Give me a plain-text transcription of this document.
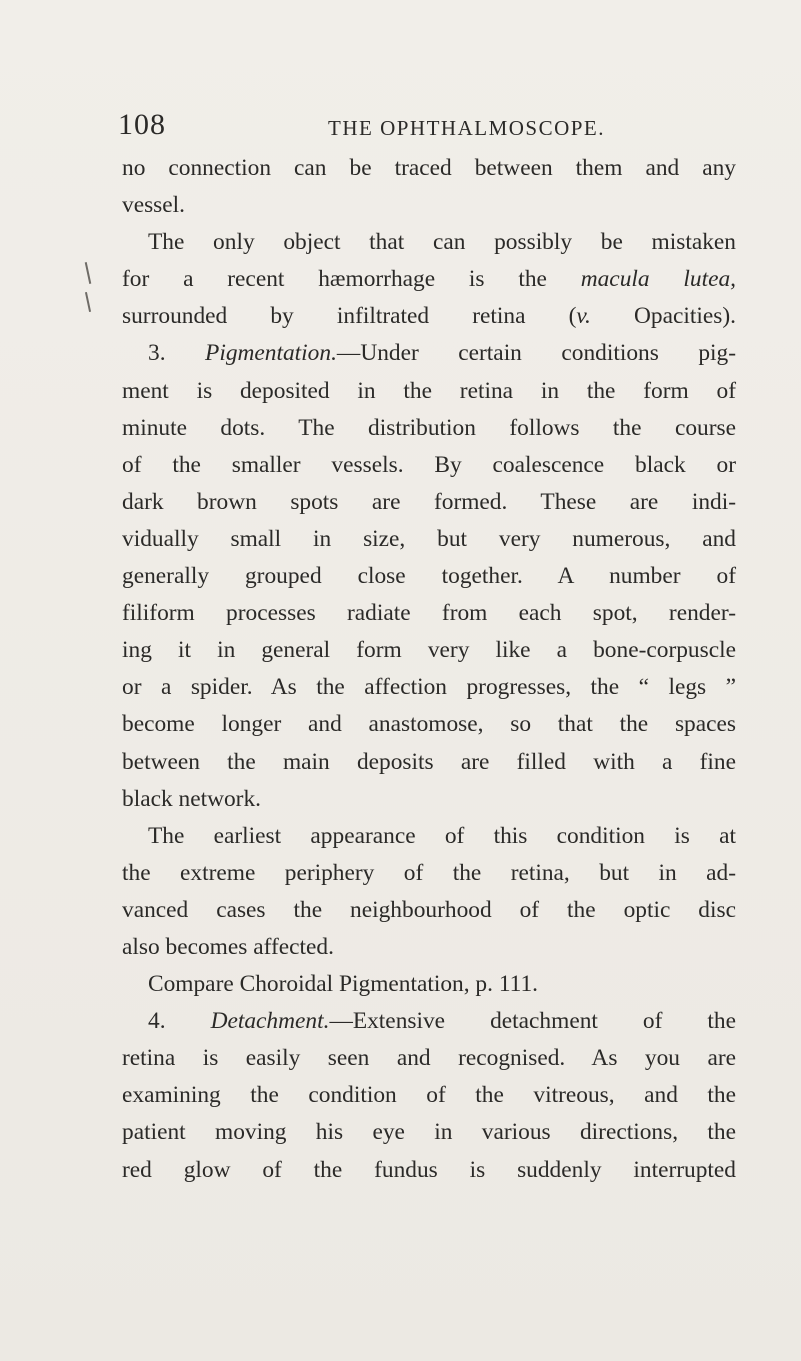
108	THE OPHTHALMOSCOPE.
no connection can be traced between them and any
vessel.
The only object that can possibly be mistaken
for a recent hæmorrhage is the macula lutea,
surrounded by infiltrated retina (v. Opacities).
3. Pigmentation.—Under certain conditions pig-
ment is deposited in the retina in the form of
minute dots. The distribution follows the course
of the smaller vessels. By coalescence black or
dark brown spots are formed. These are indi-
vidually small in size, but very numerous, and
generally grouped close together. A number of
filiform processes radiate from each spot, render-
ing it in general form very like a bone-corpuscle
or a spider. As the affection progresses, the “ legs ”
become longer and anastomose, so that the spaces
between the main deposits are filled with a fine
black network.
The earliest appearance of this condition is at
the extreme periphery of the retina, but in ad-
vanced cases the neighbourhood of the optic disc
also becomes affected.
Compare Choroidal Pigmentation, p. 111.
4. Detachment.—Extensive detachment of the
retina is easily seen and recognised. As you are
examining the condition of the vitreous, and the
patient moving his eye in various directions, the
red glow of the fundus is suddenly interrupted
